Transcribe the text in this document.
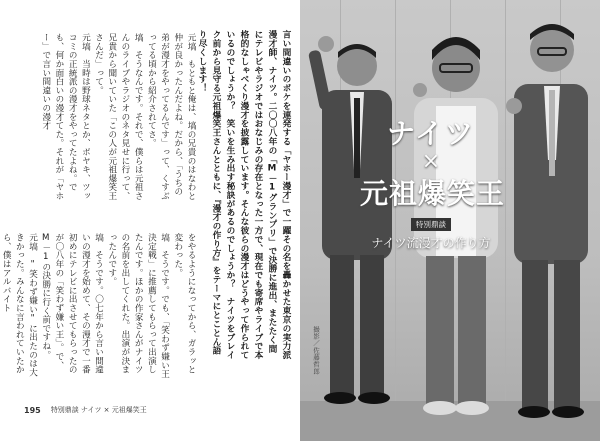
言い間違いのボケを連発する「ヤホー漫才」で一躍その名を轟かせた東京の実力派漫才師、ナイツ。二〇〇八年の「M－1グランプリ」で決勝に進出、またたく間にテレビやラジオではおなじみの存在となった一方で、現在でも寄席やライブで本格的なしゃべくり漫才を披露しています。そんな彼らの漫才はどうやって作られているのでしょうか？　笑いを生み出す秘訣があるのでしょうか？　ナイツをブレイク前から見守る元祖爆笑王さんとともに、『漫才の作り方』をテーマにとことん語り尽くします！
元塙　もともと俺は、塙の兄貴のはなわと仲が良かったんだよね。だから、「うちの弟が漫才をやってるんです」って、くすぶってる頃から紹介されてさ。
塙　そうなんです。それで、僕らは元祖さんのライブやラジオのネタ見せに行って、兄貴から聞いていた「この人が元祖爆笑王さんだ」って。
元塙　当時は野球ネタとか、ボヤキ、ツッコミの正統派の漫才をやってたよね。でも、何か面白いの漫才てた。それが「ヤホー」で言い間違いの漫才
をやるようになってから、ガラッと変わった。
塙　そうです。でも、「笑わず嫌い王決定戦」に推薦してもらって出演したんです。ほかの作家さんがナイツの名前を出してくれた。出演が決まったんです。
塙　そうです。〇七年から言い間違いの漫才を始めて、その漫才で一番初めにテレビに出させてもらったのが〇八年の「笑わず嫌い王」。で、M－1の決勝に行く前ですね。
元塙　"笑わず嫌い"に出たのは大きかった。みんなに言われていたから、僕はアルバイト
195 特別鼎談 ナイツ × 元祖爆笑王
ナイツ
×
元祖爆笑王
特別鼎談
ナイツ流漫才の作り方
撮影／佐藤哲郎
